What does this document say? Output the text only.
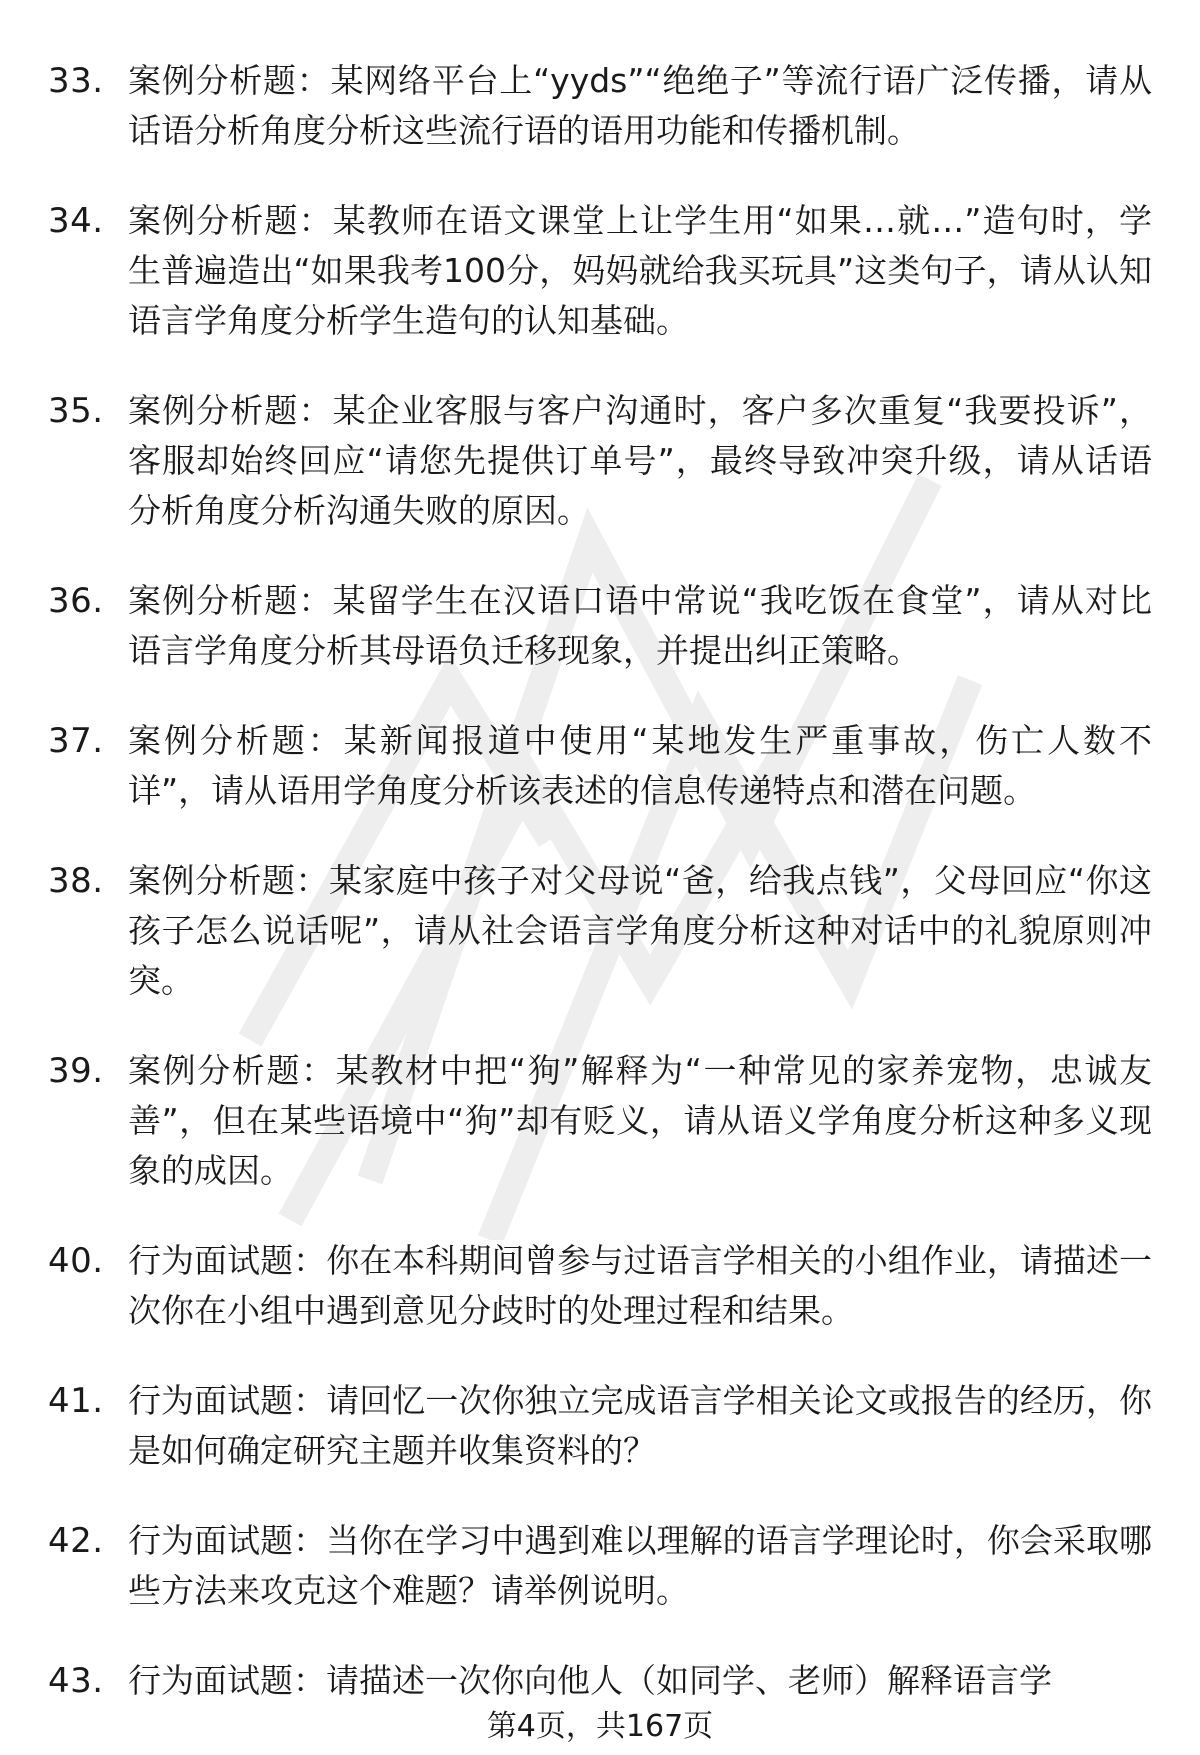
33. 案例分析题：某网络平台上“yyds”“绝绝子”等流行语广泛传播，请从话语分析角度分析这些流行语的语用功能和传播机制。
34. 案例分析题：某教师在语文课堂上让学生用“如果…就…”造句时，学生普遍造出“如果我考100分，妈妈就给我买玩具”这类句子，请从认知语言学角度分析学生造句的认知基础。
35. 案例分析题：某企业客服与客户沟通时，客户多次重复“我要投诉”，客服却始终回应“请您先提供订单号”，最终导致冲突升级，请从话语分析角度分析沟通失败的原因。
36. 案例分析题：某留学生在汉语口语中常说“我吃饭在食堂”，请从对比语言学角度分析其母语负迁移现象，并提出纠正策略。
37. 案例分析题：某新闻报道中使用“某地发生严重事故，伤亡人数不详”，请从语用学角度分析该表述的信息传递特点和潜在问题。
38. 案例分析题：某家庭中孩子对父母说“爸，给我点钱”，父母回应“你这孩子怎么说话呢”，请从社会语言学角度分析这种对话中的礼貌原则冲突。
39. 案例分析题：某教材中把“狗”解释为“一种常见的家养宠物，忠诚友善”，但在某些语境中“狗”却有贬义，请从语义学角度分析这种多义现象的成因。
40. 行为面试题：你在本科期间曾参与过语言学相关的小组作业，请描述一次你在小组中遇到意见分歧时的处理过程和结果。
41. 行为面试题：请回忆一次你独立完成语言学相关论文或报告的经历，你是如何确定研究主题并收集资料的？
42. 行为面试题：当你在学习中遇到难以理解的语言学理论时，你会采取哪些方法来攻克这个难题？请举例说明。
43. 行为面试题：请描述一次你向他人（如同学、老师）解释语言学
第4页，共167页
